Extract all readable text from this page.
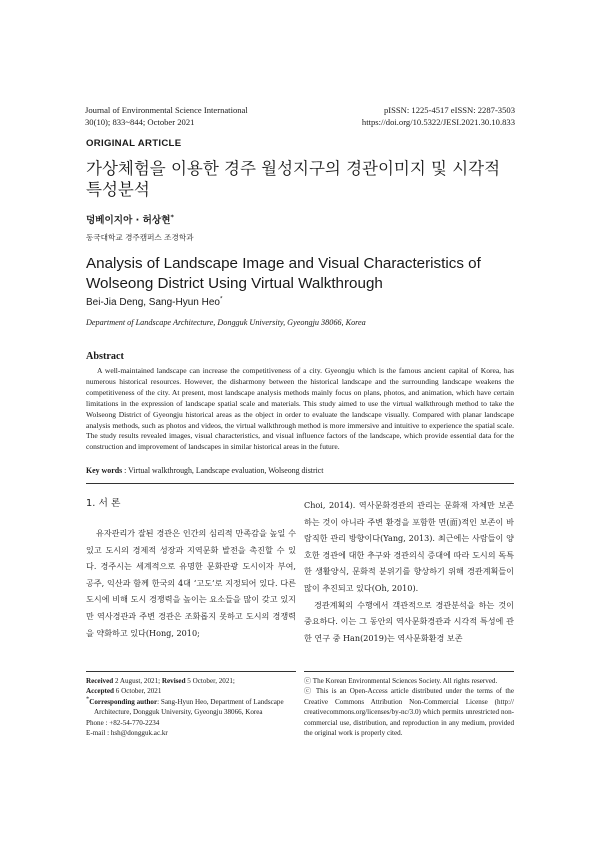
Journal of Environmental Science International
30(10); 833~844; October 2021
pISSN: 1225-4517 eISSN: 2287-3503
https://doi.org/10.5322/JESI.2021.30.10.833
ORIGINAL ARTICLE
가상체험을 이용한 경주 월성지구의 경관이미지 및 시각적
특성분석
덩베이지아 · 허상현*
동국대학교 경주캠퍼스 조경학과
Analysis of Landscape Image and Visual Characteristics of
Wolseong District Using Virtual Walkthrough
Bei-Jia Deng, Sang-Hyun Heo*
Department of Landscape Architecture, Dongguk University, Gyeongju 38066, Korea
Abstract
A well-maintained landscape can increase the competitiveness of a city. Gyeongju which is the famous ancient capital of Korea, has numerous historical resources. However, the disharmony between the historical landscape and the surrounding landscape weakens the competitiveness of the city. At present, most landscape analysis methods mainly focus on plans, photos, and animation, which have certain limitations in the expression of landscape spatial scale and materials. This study aimed to use the virtual walkthrough method to take the Wolseong District of Gyeongju historical areas as the object in order to evaluate the landscape visually. Compared with planar landscape analysis methods, such as photos and videos, the virtual walkthrough method is more immersive and intuitive to experience the spatial scale. The study results revealed images, visual characteristics, and visual influence factors of the landscape, which provide essential data for the construction and improvement of landscapes in similar historical areas in the future.
Key words : Virtual walkthrough, Landscape evaluation, Wolseong district
1. 서 론
유자관리가 잘된 경관은 인간의 심리적 만족감을 높일 수 있고 도시의 경제적 성장과 지역문화 발전을 촉진할 수 있다. 경주시는 세계적으로 유명한 문화관광 도시이자 부여, 공주, 익산과 함께 한국의 4대 ‘고도’로 지정되어 있다. 다른 도시에 비해 도시 경쟁력을 높이는 요소들을 많이 갖고 있지만 역사경관과 주변 경관은 조화롭지 못하고 도시의 경쟁력을 약화하고 있다(Hong, 2010;
Choi, 2014). 역사문화경관의 관리는 문화재 자체만 보존하는 것이 아니라 주변 환경을 포함한 면(面)적인 보존이 바람직한 관리 방향이다(Yang, 2013). 최근에는 사람들이 양호한 경관에 대한 추구와 경관의식 증대에 따라 도시의 독특한 생활양식, 문화적 분위기를 향상하기 위해 경관계획들이 많이 추진되고 있다(Oh, 2010).
경관계획의 수행에서 객관적으로 경관분석을 하는 것이 중요하다. 이는 그 동안의 역사문화경관과 시각적 특성에 관한 연구 중 Han(2019)는 역사문화환경 보존
Received 2 August, 2021; Revised 5 October, 2021;
Accepted 6 October, 2021
*Corresponding author: Sang-Hyun Heo, Department of Landscape
Architecture, Dongguk University, Gyeongju 38066, Korea
Phone : +82-54-770-2234
E-mail : hsh@dongguk.ac.kr

ⓒ The Korean Environmental Sciences Society. All rights reserved.

ⓒ This is an Open-Access article distributed under the terms of the Creative Commons Attribution Non-Commercial License (http:// creativecommons.org/licenses/by-nc/3.0) which permits unrestricted non-commercial use, distribution, and reproduction in any medium, provided the original work is properly cited.
